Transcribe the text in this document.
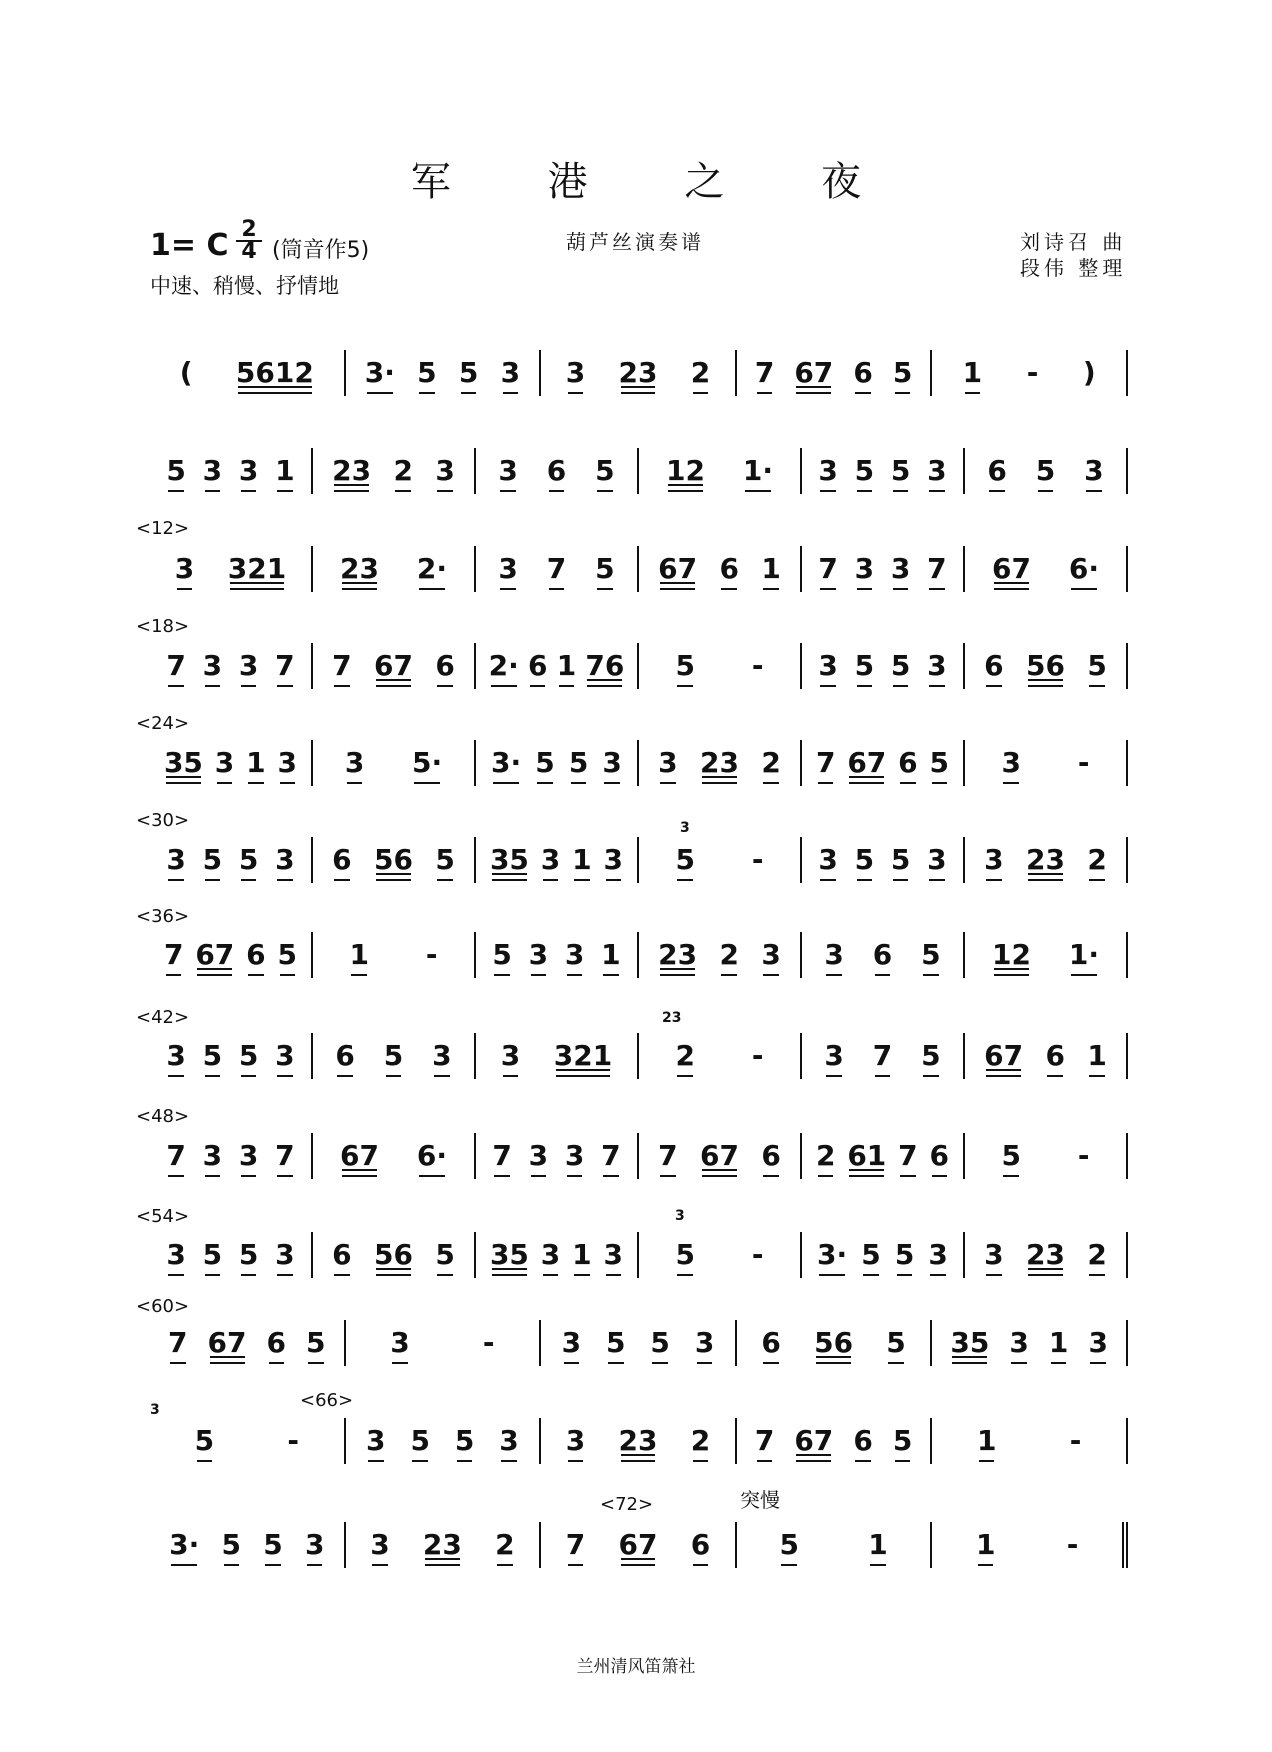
军 港 之 夜
1= C $\frac{2}{4}$ (筒音作5)
中速、稍慢、抒情地
葫芦丝演奏谱	刘诗召 曲
段伟 整理
( 5612 3· 5 5 3 3 23 2 7 67 6 5 1 - )
5 3 3 1 23 2 3 3 6 5 12 1· 3 5 5 3 6 5 3
<12>
3 321 23 2· 3 7 5 67 6 1 7 3 3 7 67 6·
<18>
7 3 3 7 7 67 6 2· 6 1 76 5 - 3 5 5 3 6 56 5
<24>
35 3 1 3 3 5· 3· 5 5 3 3 23 2 7 67 6 5 3 -
<30>
3 5 5 3 6 56 5 35 3 1 3 5 - 3 5 5 3 3 23 2
<36>
7 67 6 5 1 - 5 3 3 1 23 2 3 3 6 5 12 1·
<42>
3 5 5 3 6 5 3 3 321 2 - 3 7 5 67 6 1
<48>
7 3 3 7 67 6· 7 3 3 7 7 67 6 2 61 7 6 5 -
<54>
3 5 5 3 6 56 5 35 3 1 3 5 - 3· 5 5 3 3 23 2
<60>
7 67 6 5 3	- 3 5 5 3 6 56 5 35 3 1 3
<66>
5	- 3 5 5 3 3 23 2 7 67 6 5 1	-
<72>
3· 5 5 3 3 23 2 7 67 6 5 1	1	-
3
23
3
3
突慢
兰州清风笛箫社
